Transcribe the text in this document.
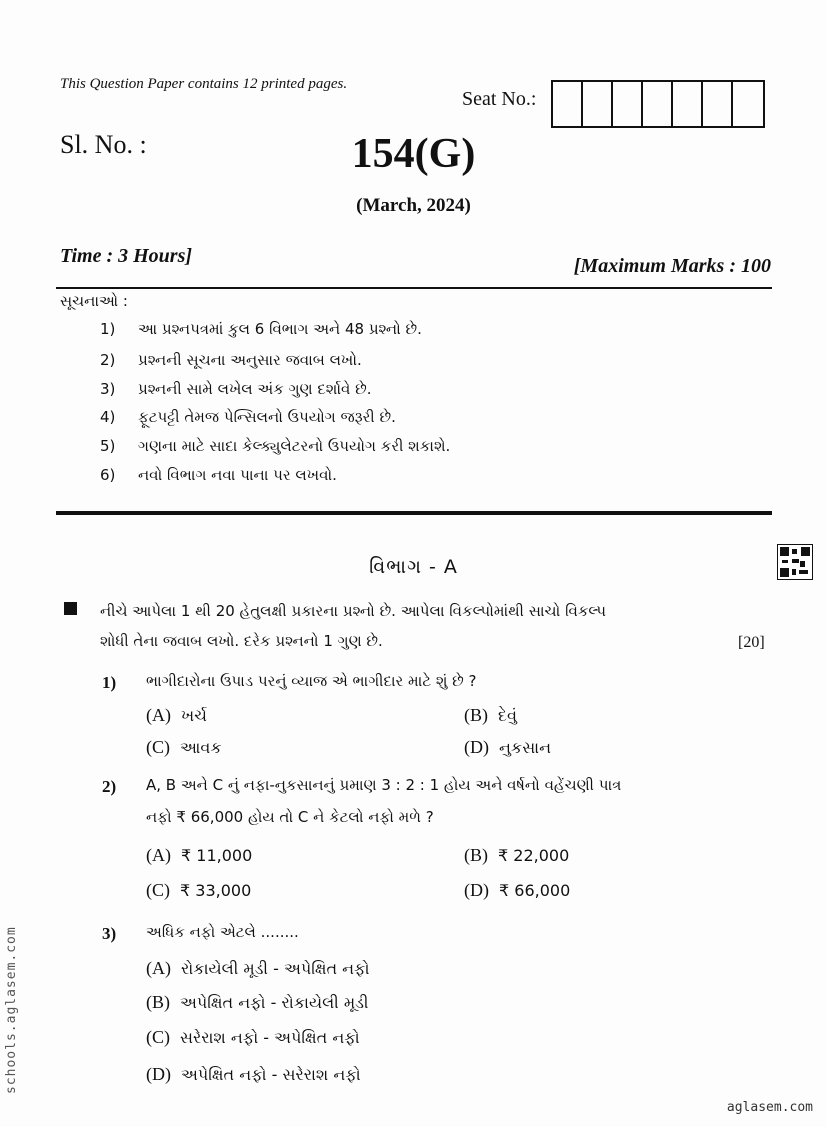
This Question Paper contains 12 printed pages.
Seat No.:
Sl. No. :	154(G)
(March, 2024)
Time : 3 Hours]	[Maximum Marks : 100
સૂચનાઓ :
1) આ પ્રશ્નપત્રમાં કુલ 6 વિભાગ અને 48 પ્રશ્નો છે.
2) પ્રશ્નની સૂચના અનુસાર જવાબ લખો.
3) પ્રશ્નની સામે લખેલ અંક ગુણ દર્શાવે છે.
4) ફૂટપટ્ટી તેમજ પેન્સિલનો ઉપયોગ જરૂરી છે.
5) ગણના માટે સાદા કેલ્ક્યુલેટરનો ઉપયોગ કરી શકાશે.
6) નવો વિભાગ નવા પાના પર લખવો.
વિભાગ - A
નીચે આપેલા 1 થી 20 હેતુલક્ષી પ્રકારના પ્રશ્નો છે. આપેલા વિકલ્પોમાંથી સાચો વિકલ્પ
શોધી તેના જવાબ લખો. દરેક પ્રશ્નનો 1 ગુણ છે.	[20]
1) ભાગીદારોના ઉપાડ પરનું વ્યાજ એ ભાગીદાર માટે શું છે ?
(A) ખર્ચ	(B) દેવું
(C) આવક	(D) નુકસાન
2) A, B અને C નું નફા-નુકસાનનું પ્રમાણ 3 : 2 : 1 હોય અને વર્ષનો વહેંચણી પાત્ર
નફો ₹ 66,000 હોય તો C ને કેટલો નફો મળે ?
(A) ₹ 11,000	(B) ₹ 22,000
(C) ₹ 33,000	(D) ₹ 66,000
3) અધિક નફો એટલે ........
(A) રોકાયેલી મૂડી - અપેક્ષિત નફો
(B) અપેક્ષિત નફો - રોકાયેલી મૂડી
(C) સરેરાશ નફો - અપેક્ષિત નફો
(D) અપેક્ષિત નફો - સરેરાશ નફો
schools.aglasem.com
aglasem.com
